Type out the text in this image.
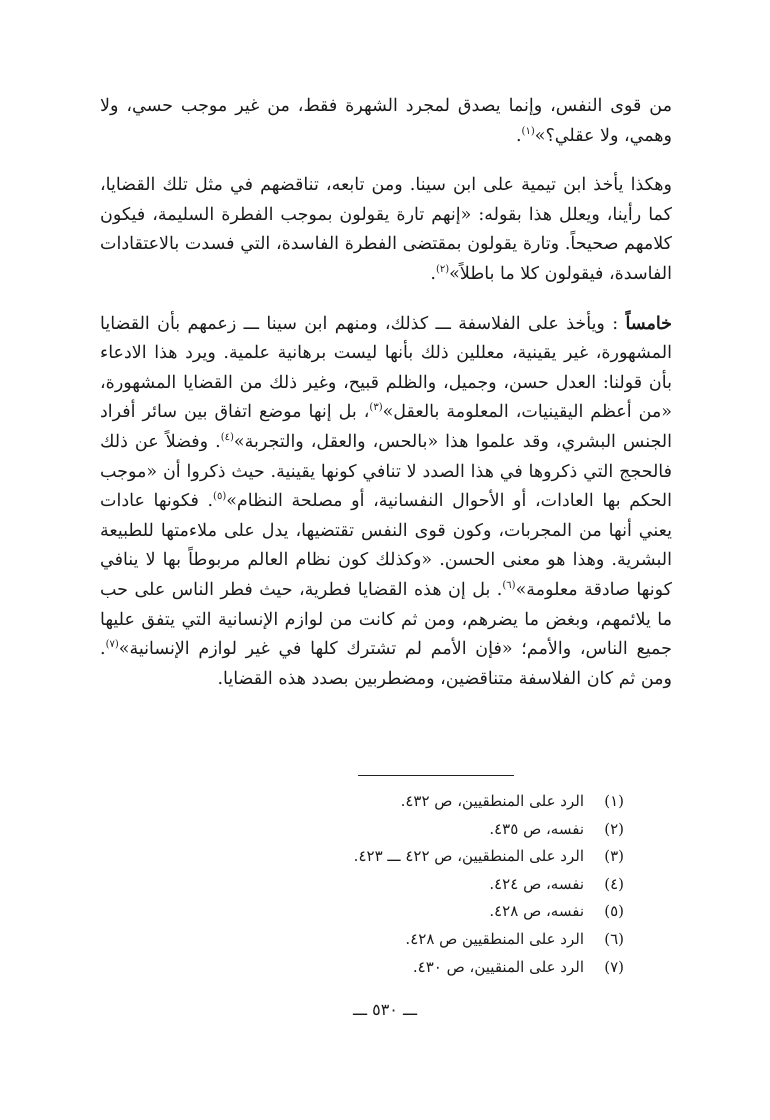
من قوى النفس، وإنما يصدق لمجرد الشهرة فقط، من غير موجب حسي، ولا وهمي، ولا عقلي؟»$^{(١)}$.

وهكذا يأخذ ابن تيمية على ابن سينا. ومن تابعه، تناقضهم في مثل تلك القضايا، كما رأينا، ويعلل هذا بقوله: «إنهم تارة يقولون بموجب الفطرة السليمة، فيكون كلامهم صحيحاً. وتارة يقولون بمقتضى الفطرة الفاسدة، التي فسدت بالاعتقادات الفاسدة، فيقولون كلا ما باطلاً»$^{(٢)}$.

خامساً : ويأخذ على الفلاسفة ـــ كذلك، ومنهم ابن سينا ـــ زعمهم بأن القضايا المشهورة، غير يقينية، معللين ذلك بأنها ليست برهانية علمية. ويرد هذا الادعاء بأن قولنا: العدل حسن، وجميل، والظلم قبيح، وغير ذلك من القضايا المشهورة، «من أعظم اليقينيات، المعلومة بالعقل»$^{(٣)}$، بل إنها موضع اتفاق بين سائر أفراد الجنس البشري، وقد علموا هذا «بالحس، والعقل، والتجربة»$^{(٤)}$. وفضلاً عن ذلك فالحجج التي ذكروها في هذا الصدد لا تنافي كونها يقينية. حيث ذكروا أن «موجب الحكم بها العادات، أو الأحوال النفسانية، أو مصلحة النظام»$^{(٥)}$. فكونها عادات يعني أنها من المجربات، وكون قوى النفس تقتضيها، يدل على ملاءمتها للطبيعة البشرية. وهذا هو معنى الحسن. «وكذلك كون نظام العالم مربوطاً بها لا ينافي كونها صادقة معلومة»$^{(٦)}$. بل إن هذه القضايا فطرية، حيث فطر الناس على حب ما يلائمهم، وبغض ما يضرهم، ومن ثم كانت من لوازم الإنسانية التي يتفق عليها جميع الناس، والأمم؛ «فإن الأمم لم تشترك كلها في غير لوازم الإنسانية»$^{(٧)}$. ومن ثم كان الفلاسفة متناقضين، ومضطربين بصدد هذه القضايا.

(١)الرد على المنطقيين، ص ٤٣٢.
(٢)نفسه، ص ٤٣٥.
(٣)الرد على المنطقيين، ص ٤٢٢ ـــ ٤٢٣.
(٤)نفسه، ص ٤٢٤.
(٥)نفسه، ص ٤٢٨.
(٦)الرد على المنطقيين ص ٤٢٨.
(٧)الرد على المنقيين، ص ٤٣٠.
ـــ ٥٣٠ ـــ
